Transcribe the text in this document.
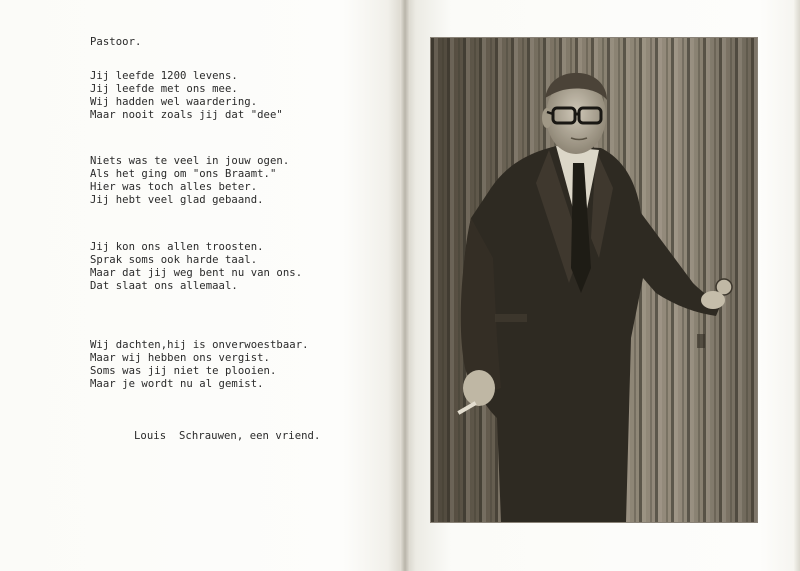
Pastoor.
Jij leefde 1200 levens.
Jij leefde met ons mee.
Wij hadden wel waardering.
Maar nooit zoals jij dat "dee"
Niets was te veel in jouw ogen.
Als het ging om "ons Braamt."
Hier was toch alles beter.
Jij hebt veel glad gebaand.
Jij kon ons allen troosten.
Sprak soms ook harde taal.
Maar dat jij weg bent nu van ons.
Dat slaat ons allemaal.
Wij dachten,hij is onverwoestbaar.
Maar wij hebben ons vergist.
Soms was jij niet te plooien.
Maar je wordt nu al gemist.
Louis  Schrauwen, een vriend.
